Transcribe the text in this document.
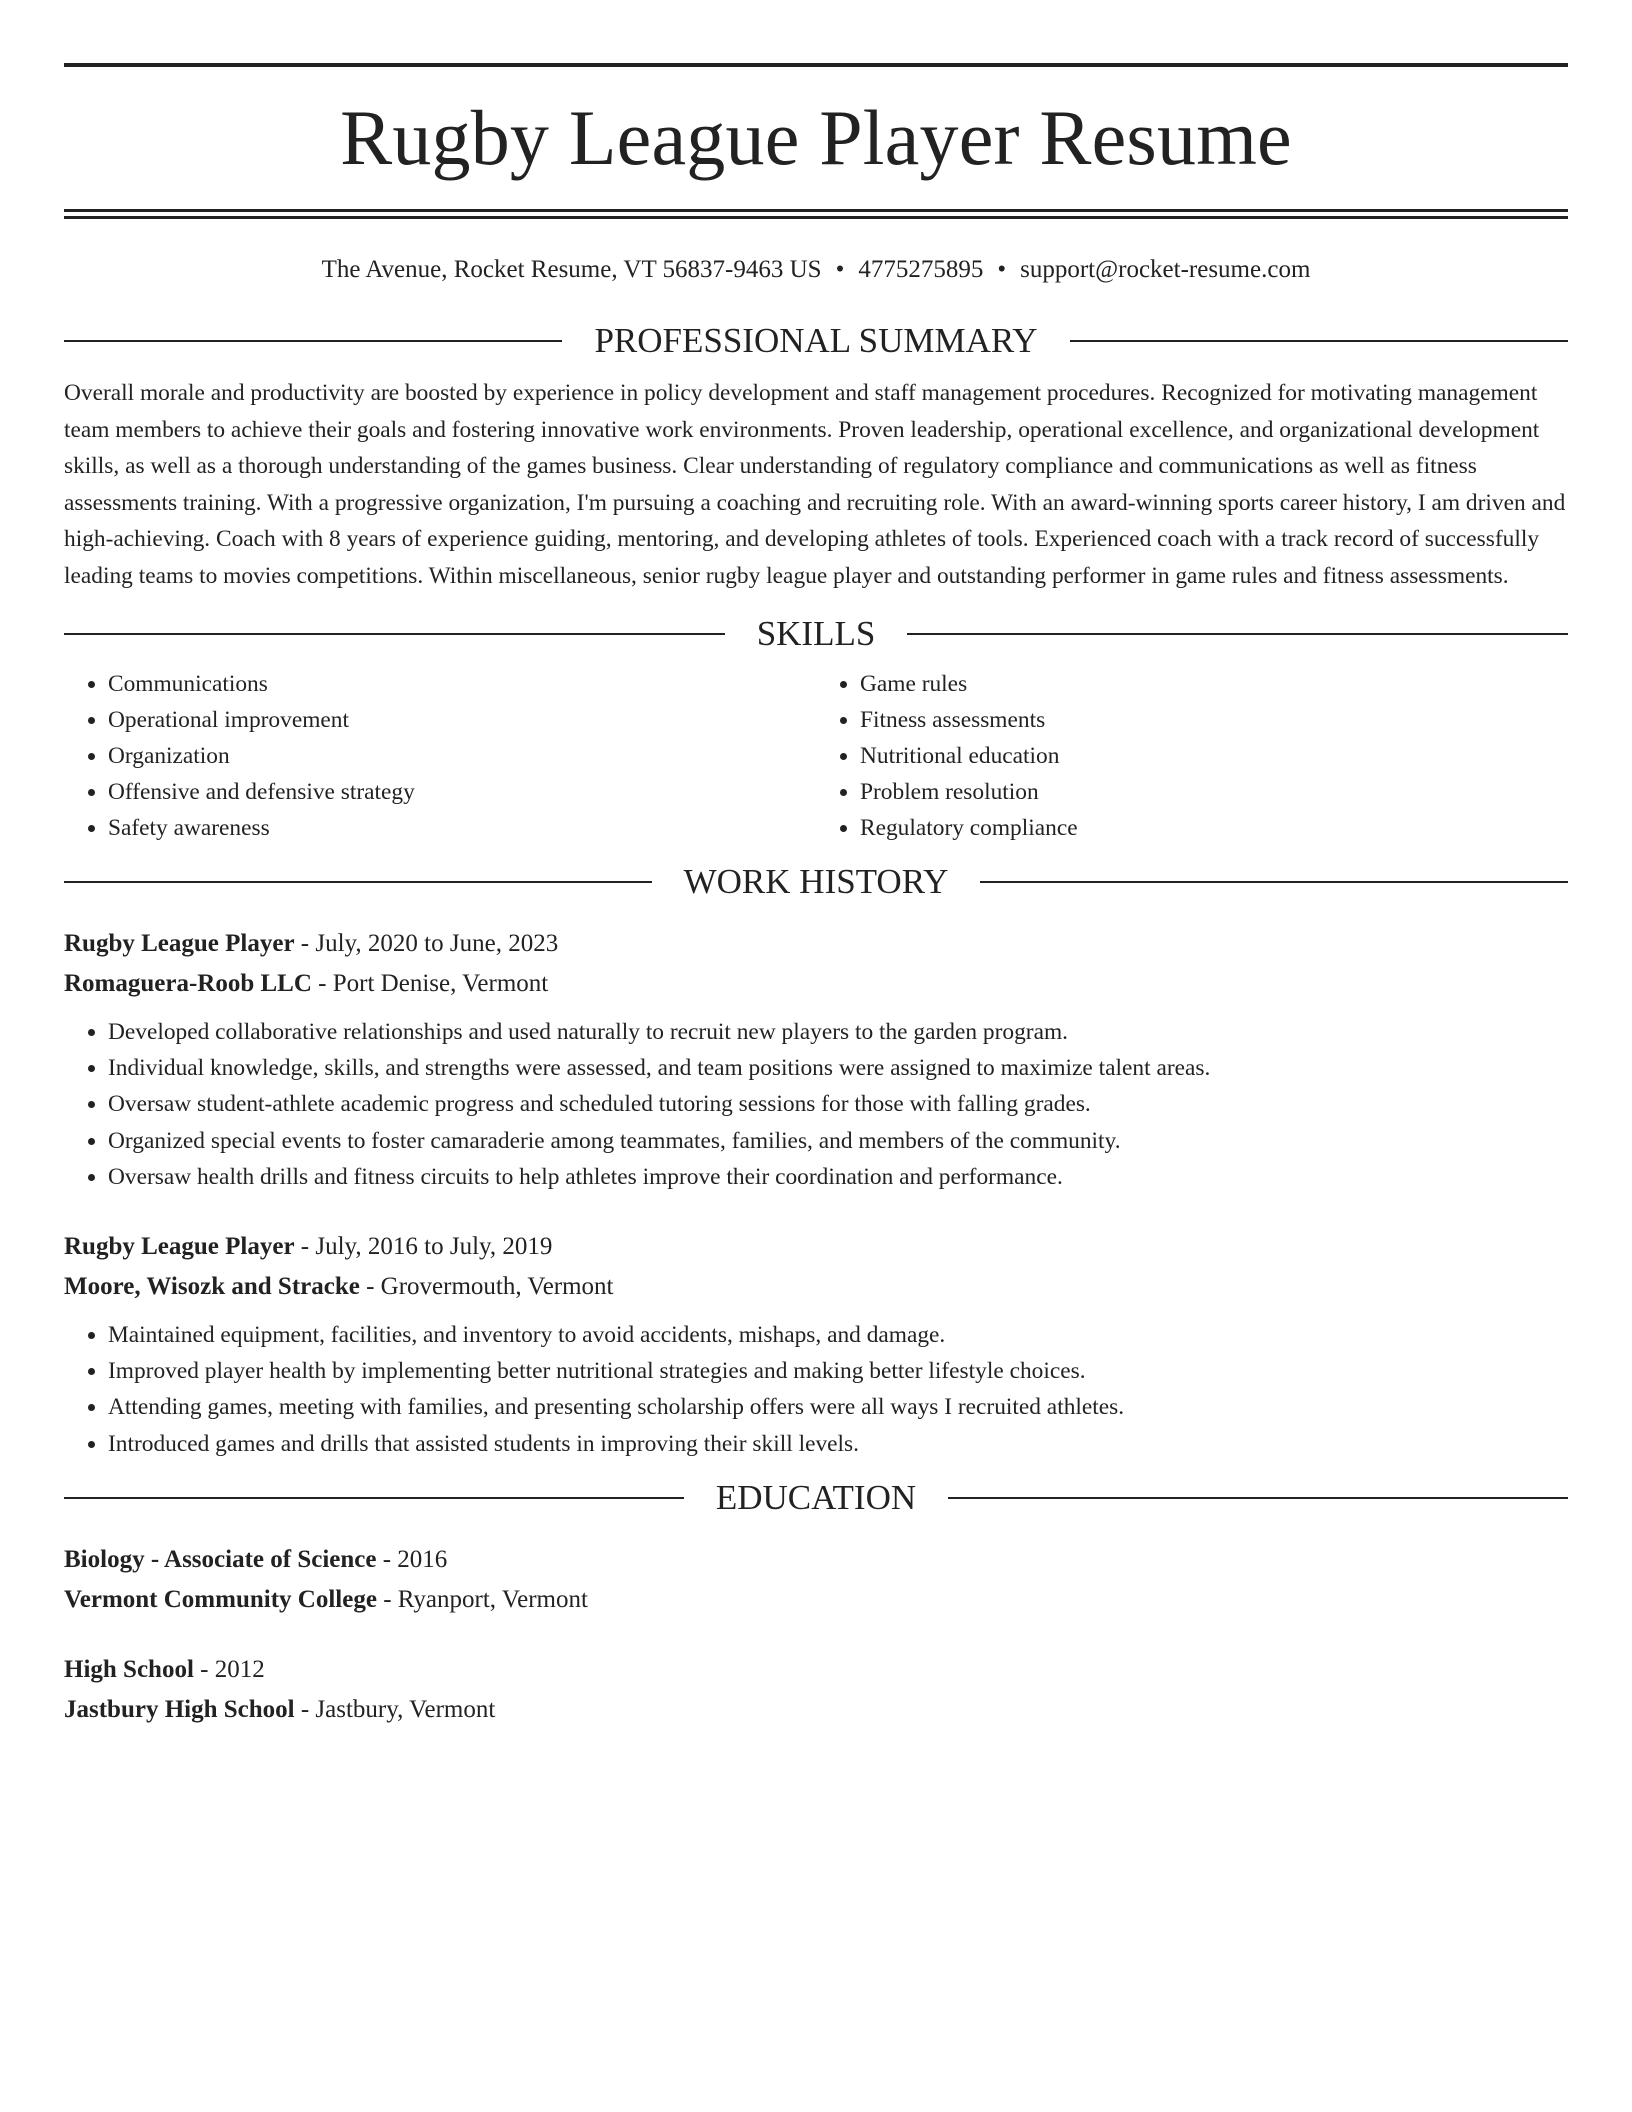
Rugby League Player Resume
The Avenue, Rocket Resume, VT 56837-9463 US • 4775275895 • support@rocket-resume.com
PROFESSIONAL SUMMARY
Overall morale and productivity are boosted by experience in policy development and staff management procedures. Recognized for motivating management team members to achieve their goals and fostering innovative work environments. Proven leadership, operational excellence, and organizational development skills, as well as a thorough understanding of the games business. Clear understanding of regulatory compliance and communications as well as fitness assessments training. With a progressive organization, I'm pursuing a coaching and recruiting role. With an award-winning sports career history, I am driven and high-achieving. Coach with 8 years of experience guiding, mentoring, and developing athletes of tools. Experienced coach with a track record of successfully leading teams to movies competitions. Within miscellaneous, senior rugby league player and outstanding performer in game rules and fitness assessments.
SKILLS
• Communications
• Operational improvement
• Organization
• Offensive and defensive strategy
• Safety awareness
• Game rules
• Fitness assessments
• Nutritional education
• Problem resolution
• Regulatory compliance
WORK HISTORY
Rugby League Player - July, 2020 to June, 2023
Romaguera-Roob LLC - Port Denise, Vermont
• Developed collaborative relationships and used naturally to recruit new players to the garden program.
• Individual knowledge, skills, and strengths were assessed, and team positions were assigned to maximize talent areas.
• Oversaw student-athlete academic progress and scheduled tutoring sessions for those with falling grades.
• Organized special events to foster camaraderie among teammates, families, and members of the community.
• Oversaw health drills and fitness circuits to help athletes improve their coordination and performance.
Rugby League Player - July, 2016 to July, 2019
Moore, Wisozk and Stracke - Grovermouth, Vermont
• Maintained equipment, facilities, and inventory to avoid accidents, mishaps, and damage.
• Improved player health by implementing better nutritional strategies and making better lifestyle choices.
• Attending games, meeting with families, and presenting scholarship offers were all ways I recruited athletes.
• Introduced games and drills that assisted students in improving their skill levels.
EDUCATION
Biology - Associate of Science - 2016
Vermont Community College - Ryanport, Vermont
High School - 2012
Jastbury High School - Jastbury, Vermont
